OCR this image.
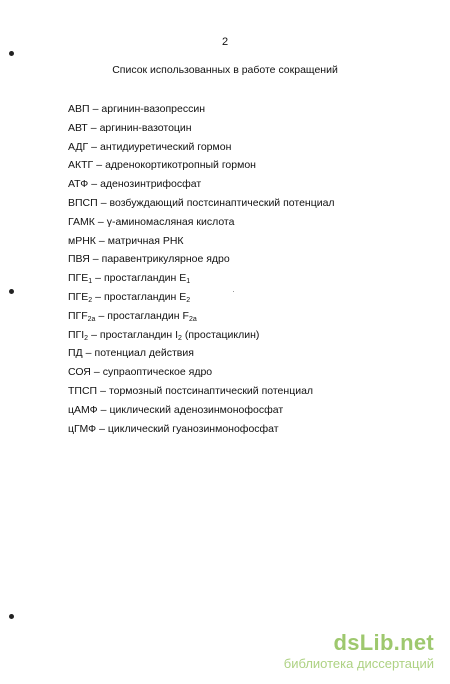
2
Список использованных в работе сокращений
АВП – аргинин-вазопрессин
АВТ – аргинин-вазотоцин
АДГ – антидиуретический гормон
АКТГ – адренокортикотропный гормон
АТФ – аденозинтрифосфат
ВПСП – возбуждающий постсинаптический потенциал
ГАМК – γ-аминомасляная кислота
мРНК – матричная РНК
ПВЯ – паравентрикулярное ядро
$ПГЕ_1$ – простагландин $Е_1$
$ПГЕ_2$ – простагландин $Е_2$
$ПГF_{2a}$ – простагландин $F_{2a}$
$ПГI_2$ – простагландин $I_2$ (простациклин)
ПД – потенциал действия
СОЯ – супраоптическое ядро
ТПСП – тормозный постсинаптический потенциал
цАМФ – циклический аденозинмонофосфат
цГМФ – циклический гуанозинмонофосфат
dsLib.net
библиотека диссертаций
